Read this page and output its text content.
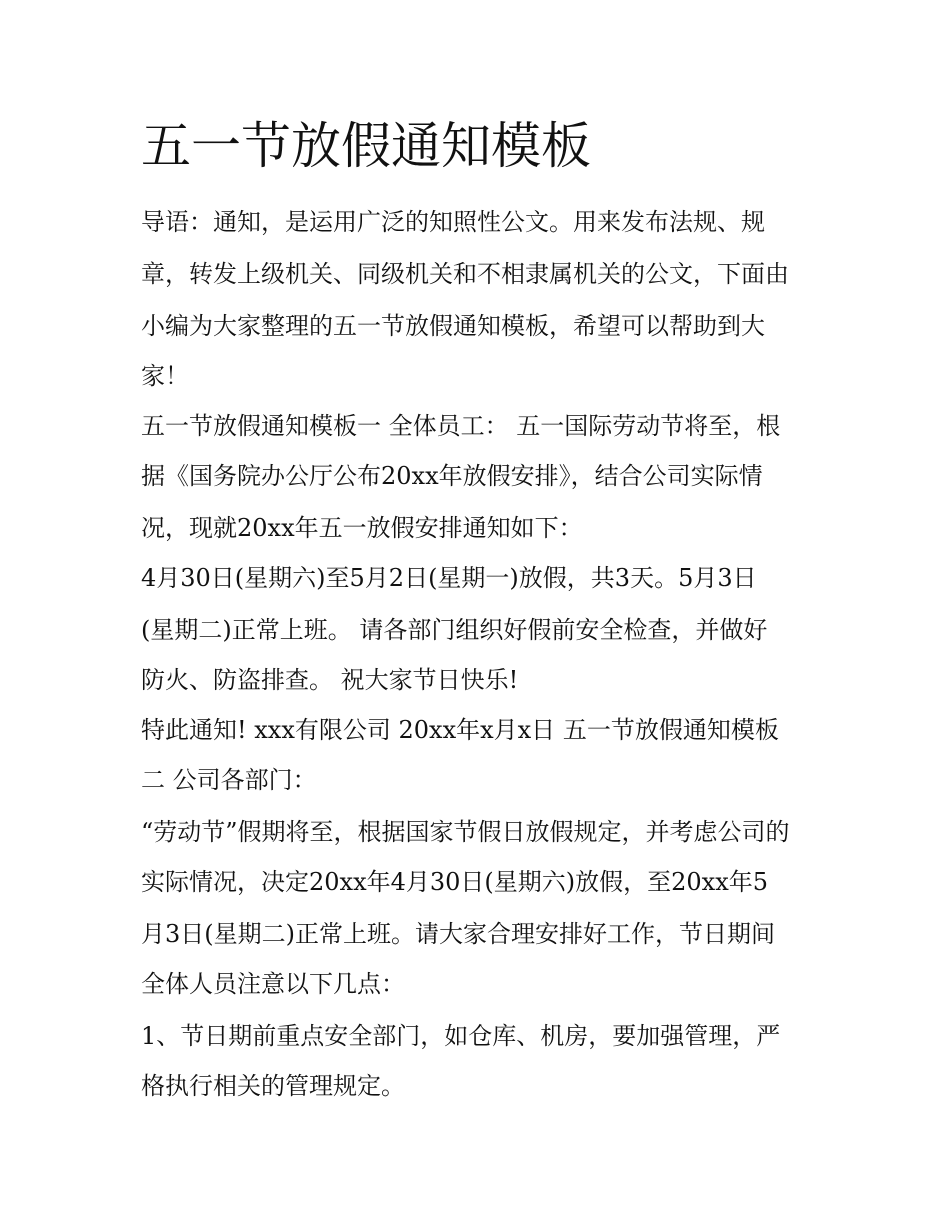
五一节放假通知模板

导语：通知，是运用广泛的知照性公文。用来发布法规、规

章，转发上级机关、同级机关和不相隶属机关的公文，下面由

小编为大家整理的五一节放假通知模板，希望可以帮助到大

家！

五一节放假通知模板一 全体员工： 五一国际劳动节将至，根

据《国务院办公厅公布20xx年放假安排》，结合公司实际情

况，现就20xx年五一放假安排通知如下：

4月30日(星期六)至5月2日(星期一)放假，共3天。5月3日

(星期二)正常上班。 请各部门组织好假前安全检查，并做好

防火、防盗排查。 祝大家节日快乐!

特此通知! xxx有限公司 20xx年x月x日 五一节放假通知模板

二 公司各部门：

“劳动节”假期将至，根据国家节假日放假规定，并考虑公司的

实际情况，决定20xx年4月30日(星期六)放假，至20xx年5

月3日(星期二)正常上班。请大家合理安排好工作，节日期间

全体人员注意以下几点：

1、节日期前重点安全部门，如仓库、机房，要加强管理，严

格执行相关的管理规定。
